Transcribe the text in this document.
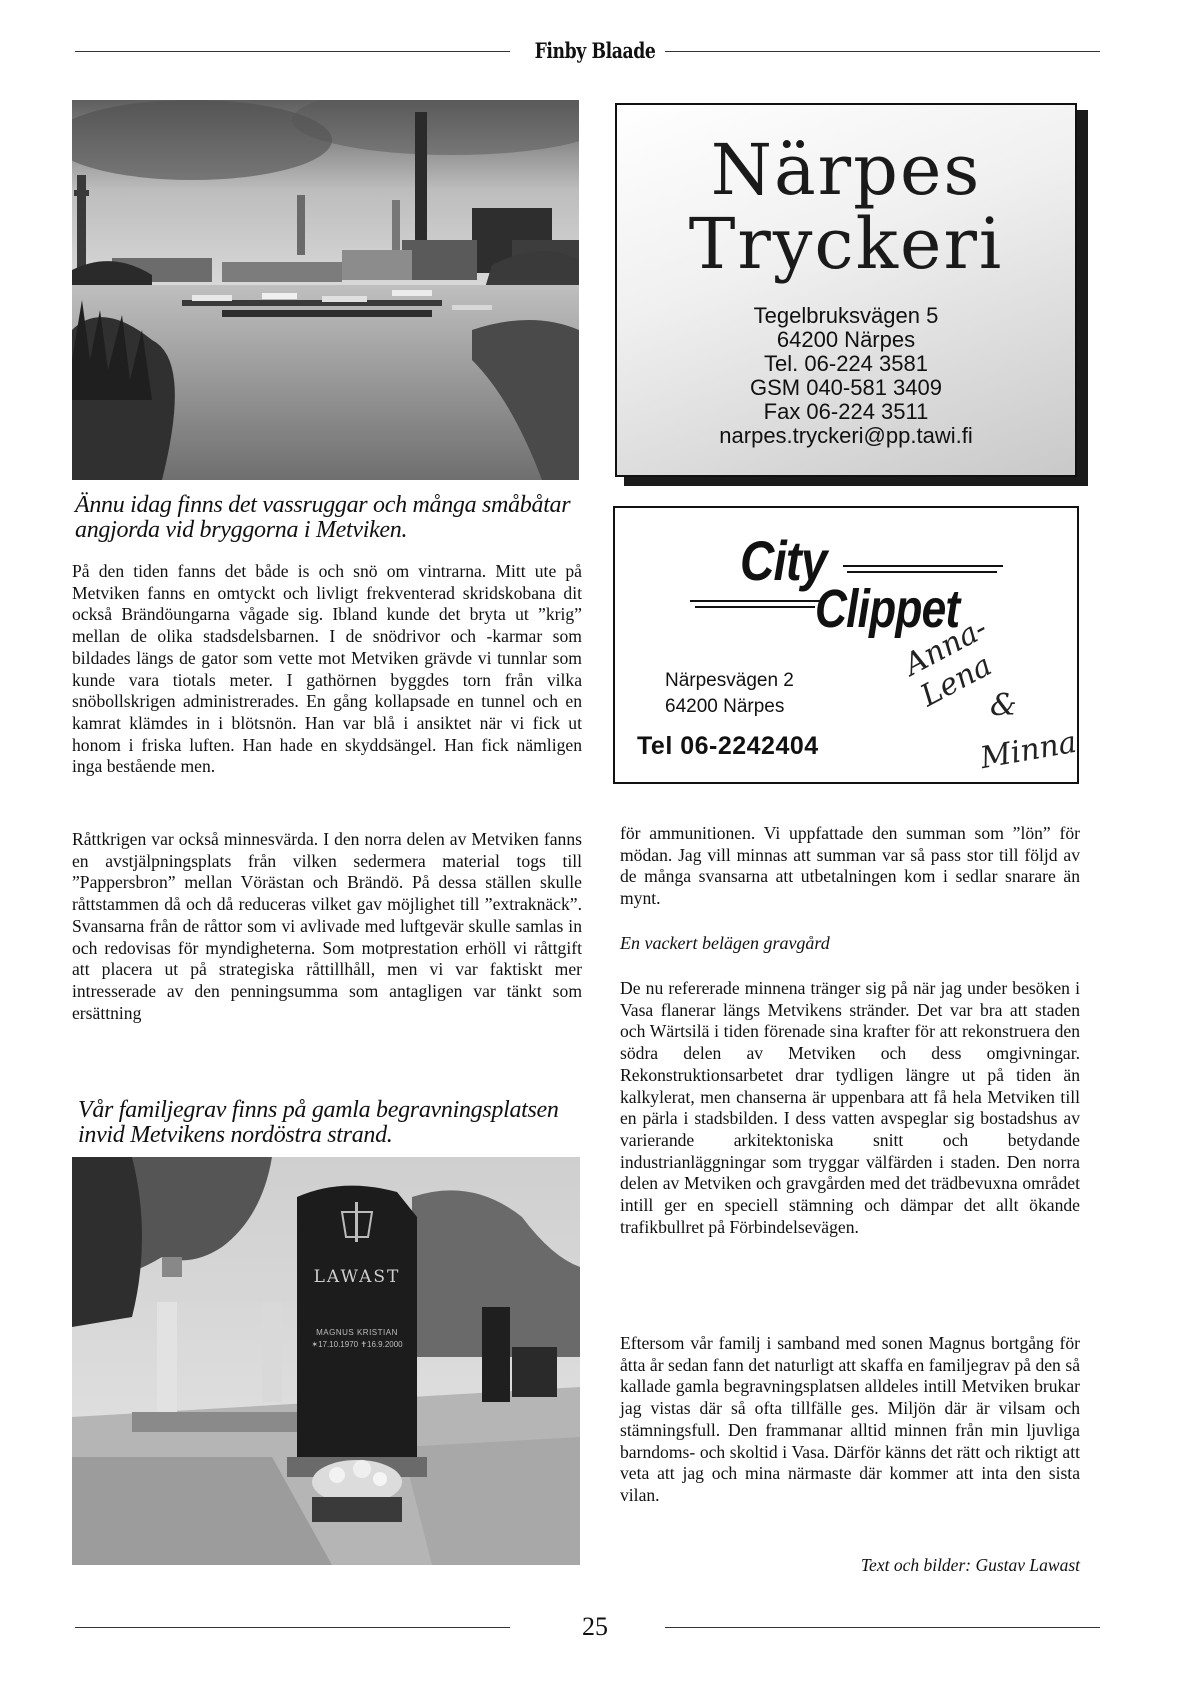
Finby Blaade
Ännu idag finns det vassruggar och många småbåtar angjorda vid bryggorna i Metviken.

På den tiden fanns det både is och snö om vintrarna. Mitt ute på Metviken fanns en omtyckt och livligt frekventerad skridskobana dit också Brändöungarna vågade sig. Ibland kunde det bryta ut ”krig” mellan de olika stadsdelsbarnen. I de snödrivor och -karmar som bildades längs de gator som vette mot Metviken grävde vi tunnlar som kunde vara tiotals meter. I gathörnen byggdes torn från vilka snöbollskrigen administrerades. En gång kollapsade en tunnel och en kamrat klämdes in i blötsnön. Han var blå i ansiktet när vi fick ut honom i friska luften. Han hade en skyddsängel. Han fick nämligen inga bestående men.

Råttkrigen var också minnesvärda. I den norra delen av Metviken fanns en avstjälpningsplats från vilken sedermera material togs till ”Pappersbron” mellan Vörästan och Brändö. På dessa ställen skulle råttstammen då och då reduceras vilket gav möjlighet till ”extraknäck”. Svansarna från de råttor som vi avlivade med luftgevär skulle samlas in och redovisas för myndigheterna. Som motprestation erhöll vi råttgift att placera ut på strategiska råttillhåll, men vi var faktiskt mer intresserade av den penningsumma som antagligen var tänkt som ersättning

Vår familjegrav finns på gamla begravningsplatsen invid Metvikens nordöstra strand.
LAWAST
MAGNUS KRISTIAN
✶17.10.1970 ✝16.9.2000
Närpes
Tryckeri
Tegelbruksvägen 5
64200 Närpes
Tel. 06-224 3581
GSM 040-581 3409
Fax 06-224 3511
narpes.tryckeri@pp.tawi.fi
City
Clippet
Närpesvägen 2
64200 Närpes
Tel 06-2242404
Anna-Lena
&
Minna

för ammunitionen. Vi uppfattade den summan som ”lön” för mödan. Jag vill minnas att summan var så pass stor till följd av de många svansarna att utbetalningen kom i sedlar snarare än mynt.

En vackert belägen gravgård

De nu refererade minnena tränger sig på när jag under besöken i Vasa flanerar längs Metvikens stränder. Det var bra att staden och Wärtsilä i tiden förenade sina krafter för att rekonstruera den södra delen av Metviken och dess omgivningar. Rekonstruktionsarbetet drar tydligen längre ut på tiden än kalkylerat, men chanserna är uppenbara att få hela Metviken till en pärla i stadsbilden. I dess vatten avspeglar sig bostadshus av varierande arkitektoniska snitt och betydande industrianläggningar som tryggar välfärden i staden. Den norra delen av Metviken och gravgården med det trädbevuxna området intill ger en speciell stämning och dämpar det allt ökande trafikbullret på Förbindelsevägen.

Eftersom vår familj i samband med sonen Magnus bortgång för åtta år sedan fann det naturligt att skaffa en familjegrav på den så kallade gamla begravningsplatsen alldeles intill Metviken brukar jag vistas där så ofta tillfälle ges. Miljön där är vilsam och stämningsfull. Den frammanar alltid minnen från min ljuvliga barndoms- och skoltid i Vasa. Därför känns det rätt och riktigt att veta att jag och mina närmaste där kommer att inta den sista vilan.

Text och bilder: Gustav Lawast
25
